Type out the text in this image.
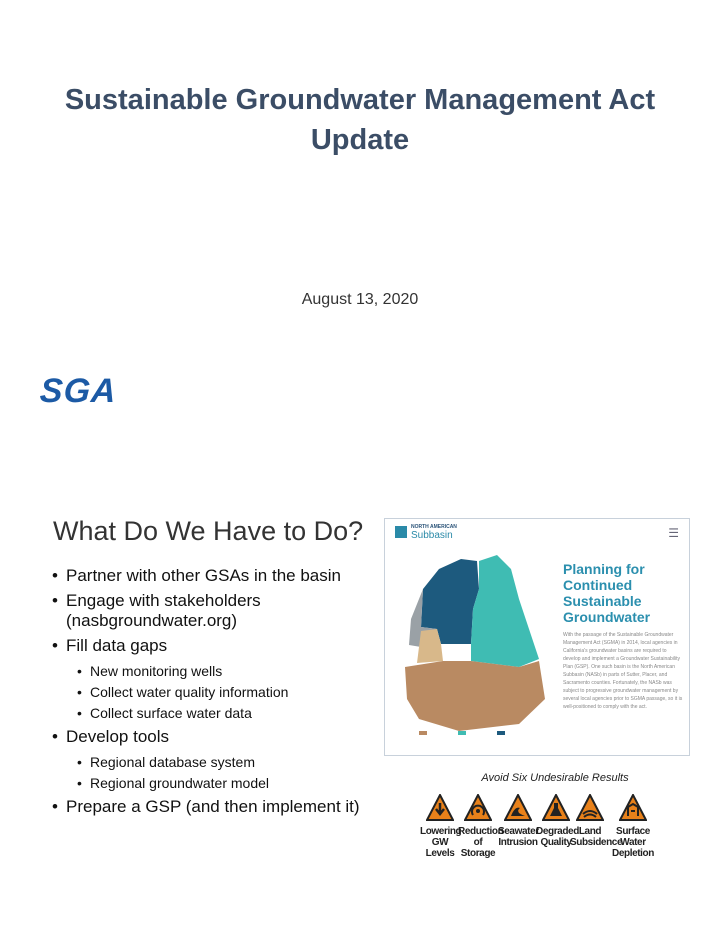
Sustainable Groundwater Management Act Update
August 13, 2020
SGA
What Do We Have to Do?
• Partner with other GSAs in the basin
• Engage with stakeholders (nasbgroundwater.org)
• Fill data gaps
• New monitoring wells
• Collect water quality information
• Collect surface water data
• Develop tools
• Regional database system
• Regional groundwater model
• Prepare a GSP (and then implement it)
NORTH AMERICAN
Subbasin	☰
Planning for Continued Sustainable Groundwater
With the passage of the Sustainable Groundwater Management Act (SGMA) in 2014, local agencies in California's groundwater basins are required to develop and implement a Groundwater Sustainability Plan (GSP). One such basin is the North American Subbasin (NASb) in parts of Sutter, Placer, and Sacramento counties. Fortunately, the NASb was subject to progressive groundwater management by several local agencies prior to SGMA passage, so it is well-positioned to comply with the act.

Avoid Six Undesirable Results
Lowering
GW Levels
Reduction
of Storage
Seawater
Intrusion
Degraded
Quality
Land
Subsidence
Surface Water
Depletion
